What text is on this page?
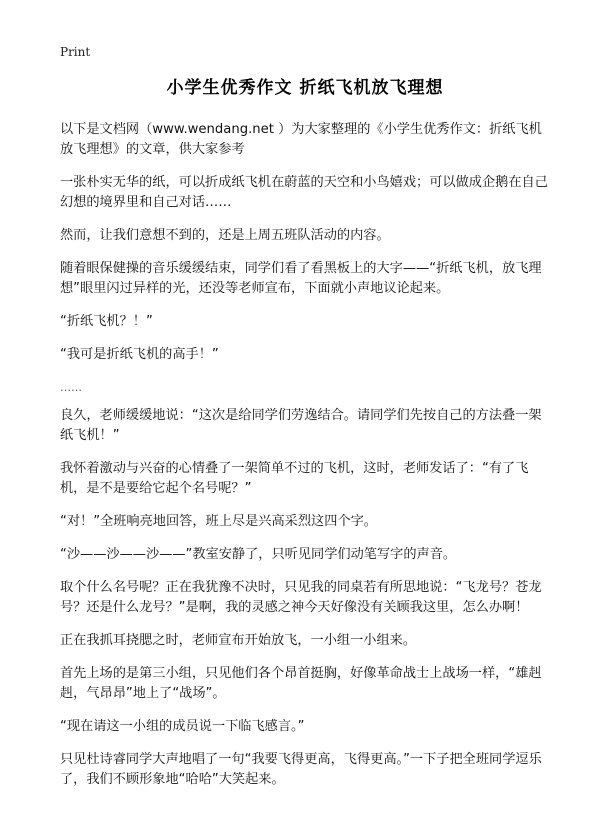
Print
小学生优秀作文 折纸飞机放飞理想

以下是文档网（www.wendang.net ）为大家整理的《小学生优秀作文：折纸飞机放飞理想》的文章，供大家参考

一张朴实无华的纸，可以折成纸飞机在蔚蓝的天空和小鸟嬉戏；可以做成企鹅在自己幻想的境界里和自己对话……

然而，让我们意想不到的，还是上周五班队活动的内容。

随着眼保健操的音乐缓缓结束，同学们看了看黑板上的大字——“折纸飞机，放飞理想”眼里闪过异样的光，还没等老师宣布，下面就小声地议论起来。

“折纸飞机？！”

“我可是折纸飞机的高手！”

……

良久，老师缓缓地说：“这次是给同学们劳逸结合。请同学们先按自己的方法叠一架纸飞机！”

我怀着激动与兴奋的心情叠了一架简单不过的飞机，这时，老师发话了：“有了飞机，是不是要给它起个名号呢？”

“对！”全班响亮地回答，班上尽是兴高采烈这四个字。

“沙——沙——沙——”教室安静了，只听见同学们动笔写字的声音。

取个什么名号呢？正在我犹豫不决时，只见我的同桌若有所思地说：“飞龙号？苍龙号？还是什么龙号？”是啊，我的灵感之神今天好像没有关顾我这里，怎么办啊！

正在我抓耳挠腮之时，老师宣布开始放飞，一小组一小组来。

首先上场的是第三小组，只见他们各个昂首挺胸，好像革命战士上战场一样，“雄赳赳，气昂昂”地上了“战场”。

“现在请这一小组的成员说一下临飞感言。”

只见杜诗睿同学大声地唱了一句“我要飞得更高，飞得更高。”一下子把全班同学逗乐了，我们不顾形象地“哈哈”大笑起来。
